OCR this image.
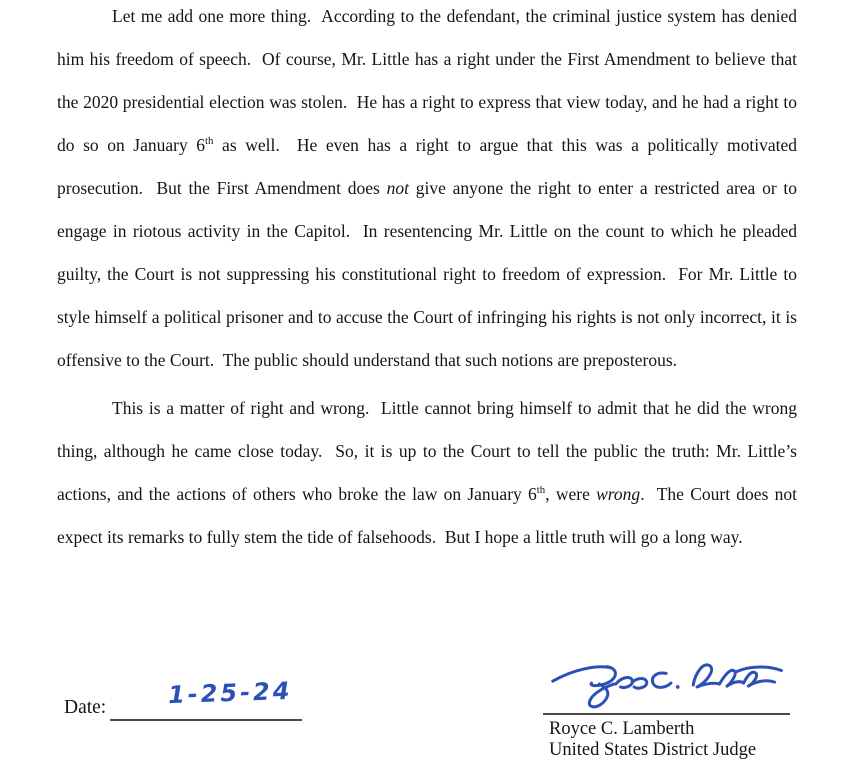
Let me add one more thing.  According to the defendant, the criminal justice system has denied him his freedom of speech.  Of course, Mr. Little has a right under the First Amendment to believe that the 2020 presidential election was stolen.  He has a right to express that view today, and he had a right to do so on January 6th as well.  He even has a right to argue that this was a politically motivated prosecution.  But the First Amendment does not give anyone the right to enter a restricted area or to engage in riotous activity in the Capitol.  In resentencing Mr. Little on the count to which he pleaded guilty, the Court is not suppressing his constitutional right to freedom of expression.  For Mr. Little to style himself a political prisoner and to accuse the Court of infringing his rights is not only incorrect, it is offensive to the Court.  The public should understand that such notions are preposterous.

This is a matter of right and wrong.  Little cannot bring himself to admit that he did the wrong thing, although he came close today.  So, it is up to the Court to tell the public the truth: Mr. Little’s actions, and the actions of others who broke the law on January 6th, were wrong.  The Court does not expect its remarks to fully stem the tide of falsehoods.  But I hope a little truth will go a long way.

Date:	1-25-24
Royce C. Lamberth
United States District Judge
